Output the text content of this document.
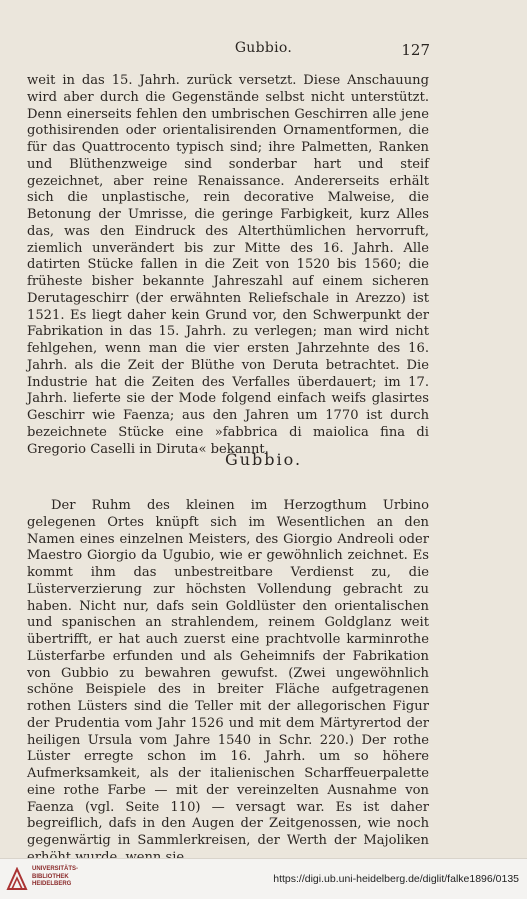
Gubbio.	127

weit in das 15. Jahrh. zurück versetzt. Diese Anschauung wird aber durch die Gegenstände selbst nicht unterstützt. Denn einerseits fehlen den umbrischen Geschirren alle jene gothisirenden oder orientalisirenden Ornamentformen, die für das Quattrocento typisch sind; ihre Palmetten, Ranken und Blüthenzweige sind sonderbar hart und steif gezeichnet, aber reine Renaissance. Andererseits erhält sich die unplastische, rein decorative Malweise, die Betonung der Umrisse, die geringe Farbigkeit, kurz Alles das, was den Eindruck des Alterthümlichen hervorruft, ziemlich unverändert bis zur Mitte des 16. Jahrh. Alle datirten Stücke fallen in die Zeit von 1520 bis 1560; die früheste bisher bekannte Jahreszahl auf einem sicheren Derutageschirr (der erwähnten Reliefschale in Arezzo) ist 1521. Es liegt daher kein Grund vor, den Schwerpunkt der Fabrikation in das 15. Jahrh. zu verlegen; man wird nicht fehlgehen, wenn man die vier ersten Jahrzehnte des 16. Jahrh. als die Zeit der Blüthe von Deruta betrachtet. Die Industrie hat die Zeiten des Verfalles überdauert; im 17. Jahrh. lieferte sie der Mode folgend einfach weifs glasirtes Geschirr wie Faenza; aus den Jahren um 1770 ist durch bezeichnete Stücke eine »fabbrica di maiolica fina di Gregorio Caselli in Diruta« bekannt.

Gubbio.

Der Ruhm des kleinen im Herzogthum Urbino gelegenen Ortes knüpft sich im Wesentlichen an den Namen eines einzelnen Meisters, des Giorgio Andreoli oder Maestro Giorgio da Ugubio, wie er gewöhnlich zeichnet. Es kommt ihm das unbestreitbare Verdienst zu, die Lüsterverzierung zur höchsten Vollendung gebracht zu haben. Nicht nur, dafs sein Goldlüster den orientalischen und spanischen an strahlendem, reinem Goldglanz weit übertrifft, er hat auch zuerst eine prachtvolle karminrothe Lüsterfarbe erfunden und als Geheimnifs der Fabrikation von Gubbio zu bewahren gewufst. (Zwei ungewöhnlich schöne Beispiele des in breiter Fläche aufgetragenen rothen Lüsters sind die Teller mit der allegorischen Figur der Prudentia vom Jahr 1526 und mit dem Märtyrertod der heiligen Ursula vom Jahre 1540 in Schr. 220.) Der rothe Lüster erregte schon im 16. Jahrh. um so höhere Aufmerksamkeit, als der italienischen Scharffeuerpalette eine rothe Farbe — mit der vereinzelten Ausnahme von Faenza (vgl. Seite 110) — versagt war. Es ist daher begreiflich, dafs in den Augen der Zeitgenossen, wie noch gegenwärtig in Sammlerkreisen, der Werth der Majoliken

UNIVERSITÄTS-
BIBLIOTHEK
HEIDELBERG	https://digi.ub.uni-heidelberg.de/diglit/falke1896/0135
